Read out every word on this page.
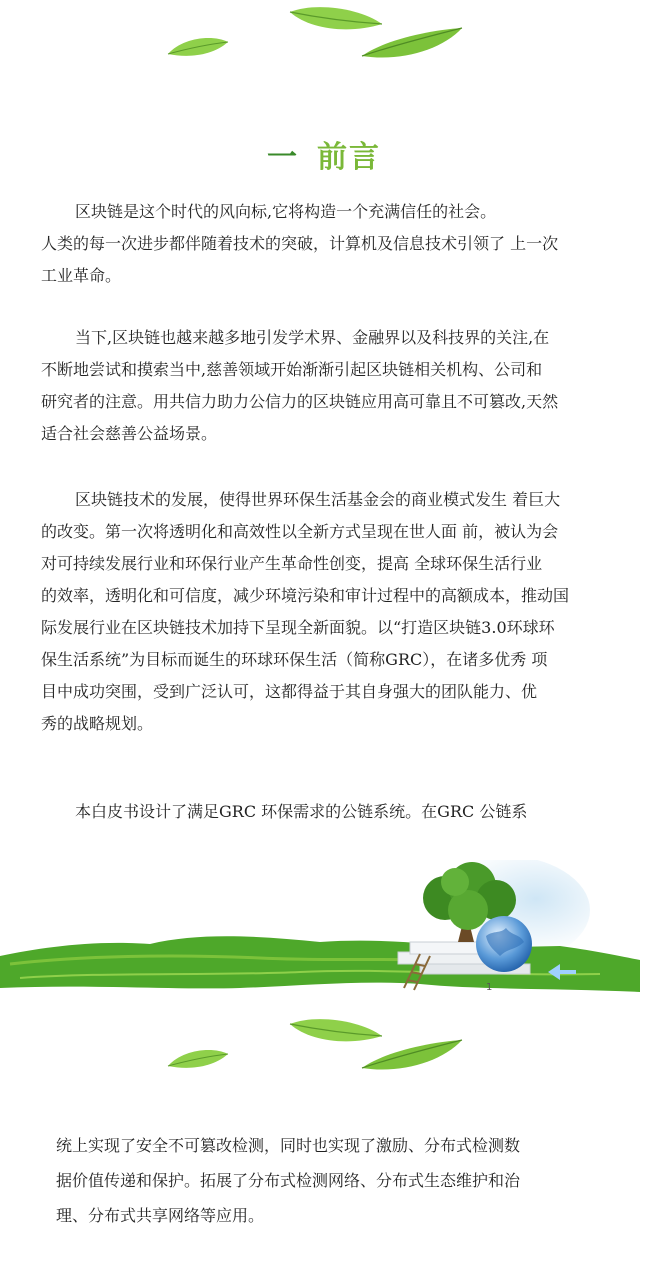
一 前言

区块链是这个时代的风向标,它将构造一个充满信任的社会。
人类的每一次进步都伴随着技术的突破，计算机及信息技术引领了 上一次
工业革命。

当下,区块链也越来越多地引发学术界、金融界以及科技界的关注,在
不断地尝试和摸索当中,慈善领域开始渐渐引起区块链相关机构、公司和
研究者的注意。用共信力助力公信力的区块链应用高可靠且不可篡改,天然
适合社会慈善公益场景。

区块链技术的发展，使得世界环保生活基金会的商业模式发生 着巨大
的改变。第一次将透明化和高效性以全新方式呈现在世人面 前，被认为会
对可持续发展行业和环保行业产生革命性创变，提高 全球环保生活行业
的效率，透明化和可信度，减少环境污染和审计过程中的高额成本，推动国
际发展行业在区块链技术加持下呈现全新面貌。以“打造区块链3.0环球环
保生活系统”为目标而诞生的环球环保生活（简称GRC），在诸多优秀 项
目中成功突围，受到广泛认可，这都得益于其自身强大的团队能力、优
秀的战略规划。

本白皮书设计了满足GRC 环保需求的公链系统。在GRC 公链系

1

统上实现了安全不可篡改检测，同时也实现了激励、分布式检测数
据价值传递和保护。拓展了分布式检测网络、分布式生态维护和治
理、分布式共享网络等应用。
